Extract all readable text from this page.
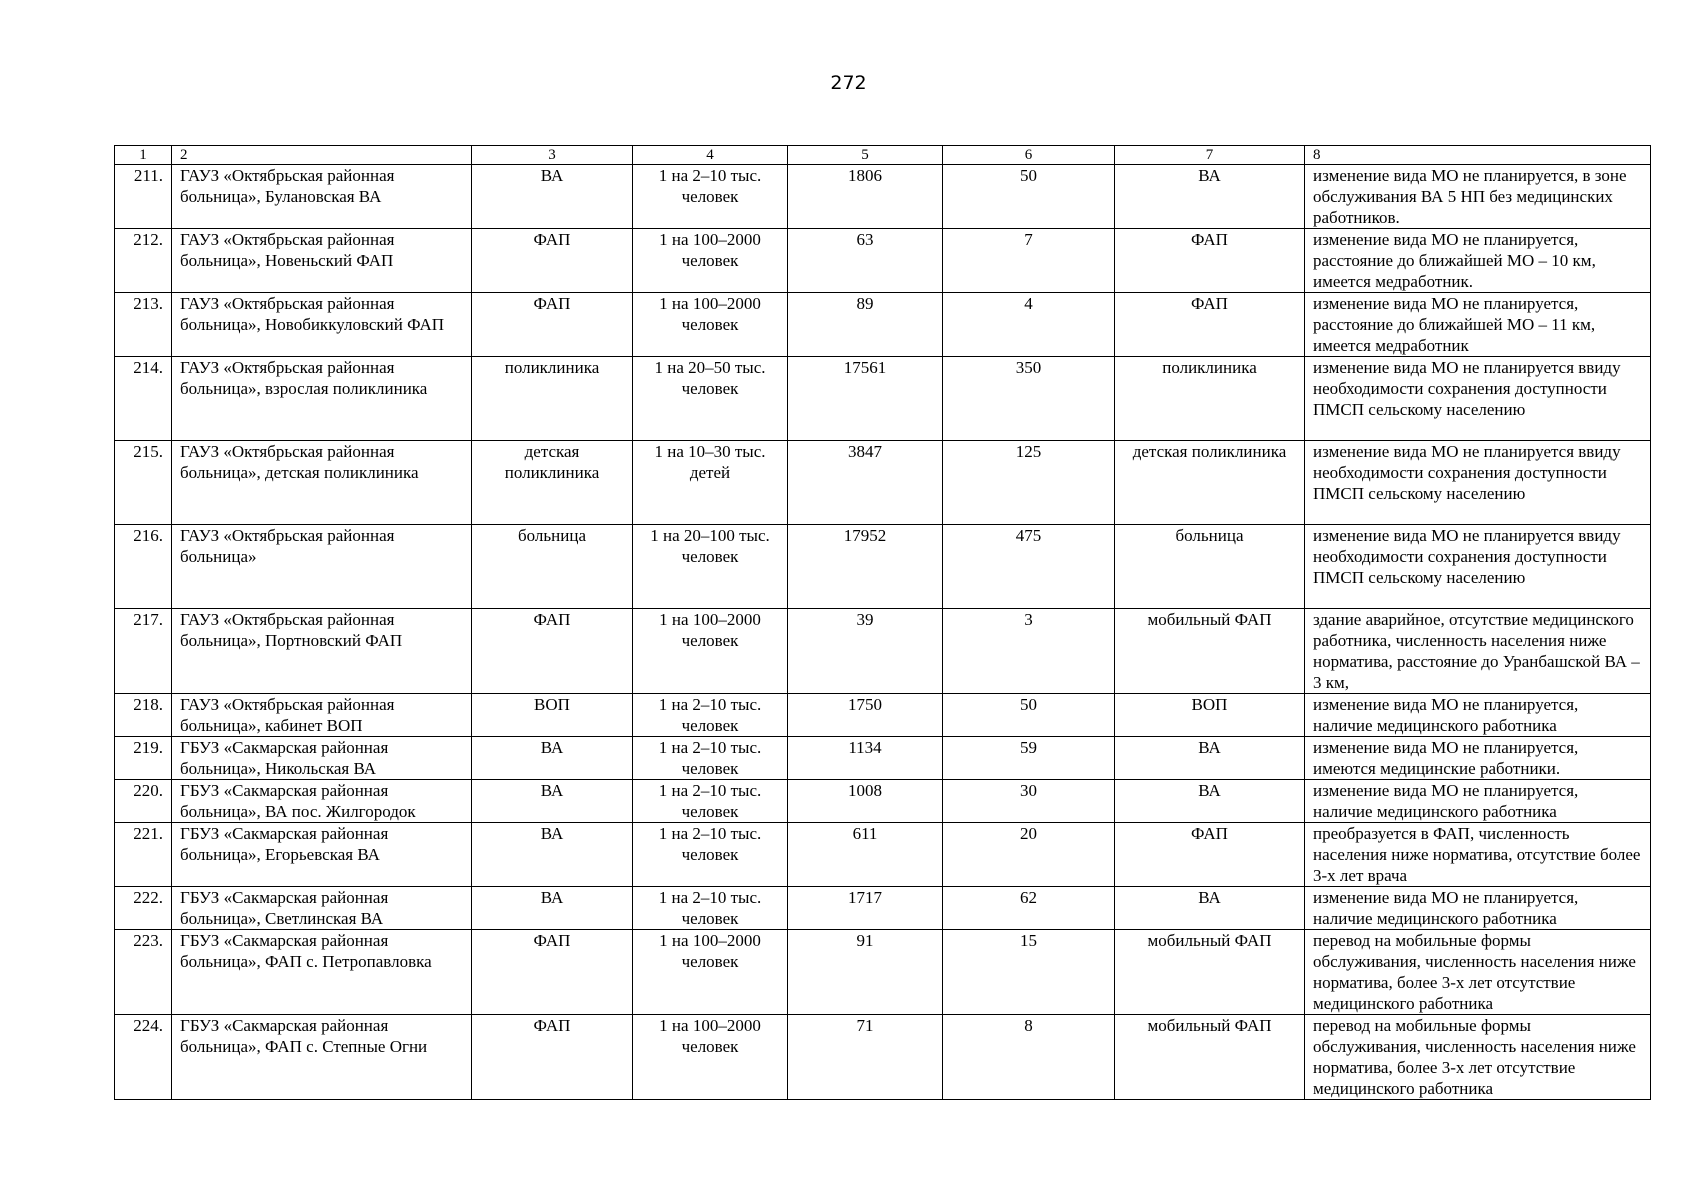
272
1	2	3	4	5	6	7	8
211.	ГАУЗ «Октябрьская районная больница», Булановская ВА	ВА	1 на 2–10 тыс. человек	1806	50	ВА	изменение вида МО не планируется, в зоне обслуживания ВА 5 НП без медицинских работников.
212.	ГАУЗ «Октябрьская районная больница», Новеньский ФАП	ФАП	1 на 100–2000 человек	63	7	ФАП	изменение вида МО не планируется, расстояние до ближайшей МО – 10 км, имеется медработник.
213.	ГАУЗ «Октябрьская районная больница», Новобиккуловский ФАП	ФАП	1 на 100–2000 человек	89	4	ФАП	изменение вида МО не планируется, расстояние до ближайшей МО – 11 км, имеется медработник
214.	ГАУЗ «Октябрьская районная больница», взрослая поликлиника	поликлиника	1 на 20–50 тыс. человек	17561	350	поликлиника	изменение вида МО не планируется ввиду необходимости сохранения доступности ПМСП сельскому населению
215.	ГАУЗ «Октябрьская районная больница», детская поликлиника	детская поликлиника	1 на 10–30 тыс. детей	3847	125	детская поликлиника	изменение вида МО не планируется ввиду необходимости сохранения доступности ПМСП сельскому населению
216.	ГАУЗ «Октябрьская районная больница»	больница	1 на 20–100 тыс. человек	17952	475	больница	изменение вида МО не планируется ввиду необходимости сохранения доступности ПМСП сельскому населению
217.	ГАУЗ «Октябрьская районная больница», Портновский ФАП	ФАП	1 на 100–2000 человек	39	3	мобильный ФАП	здание аварийное, отсутствие медицинского работника, численность населения ниже норматива, расстояние до Уранбашской ВА – 3 км,
218.	ГАУЗ «Октябрьская районная больница», кабинет ВОП	ВОП	1 на 2–10 тыс. человек	1750	50	ВОП	изменение вида МО не планируется, наличие медицинского работника
219.	ГБУЗ «Сакмарская районная больница», Никольская ВА	ВА	1 на 2–10 тыс. человек	1134	59	ВА	изменение вида МО не планируется, имеются медицинские работники.
220.	ГБУЗ «Сакмарская районная больница», ВА пос. Жилгородок	ВА	1 на 2–10 тыс. человек	1008	30	ВА	изменение вида МО не планируется, наличие медицинского работника
221.	ГБУЗ «Сакмарская районная больница», Егорьевская ВА	ВА	1 на 2–10 тыс. человек	611	20	ФАП	преобразуется в ФАП, численность населения ниже норматива, отсутствие более 3-х лет врача
222.	ГБУЗ «Сакмарская районная больница», Светлинская ВА	ВА	1 на 2–10 тыс. человек	1717	62	ВА	изменение вида МО не планируется, наличие медицинского работника
223.	ГБУЗ «Сакмарская районная больница», ФАП с. Петропавловка	ФАП	1 на 100–2000 человек	91	15	мобильный ФАП	перевод на мобильные формы обслуживания, численность населения ниже норматива, более 3-х лет отсутствие медицинского работника
224.	ГБУЗ «Сакмарская районная больница», ФАП с. Степные Огни	ФАП	1 на 100–2000 человек	71	8	мобильный ФАП	перевод на мобильные формы обслуживания, численность населения ниже норматива, более 3-х лет отсутствие медицинского работника
